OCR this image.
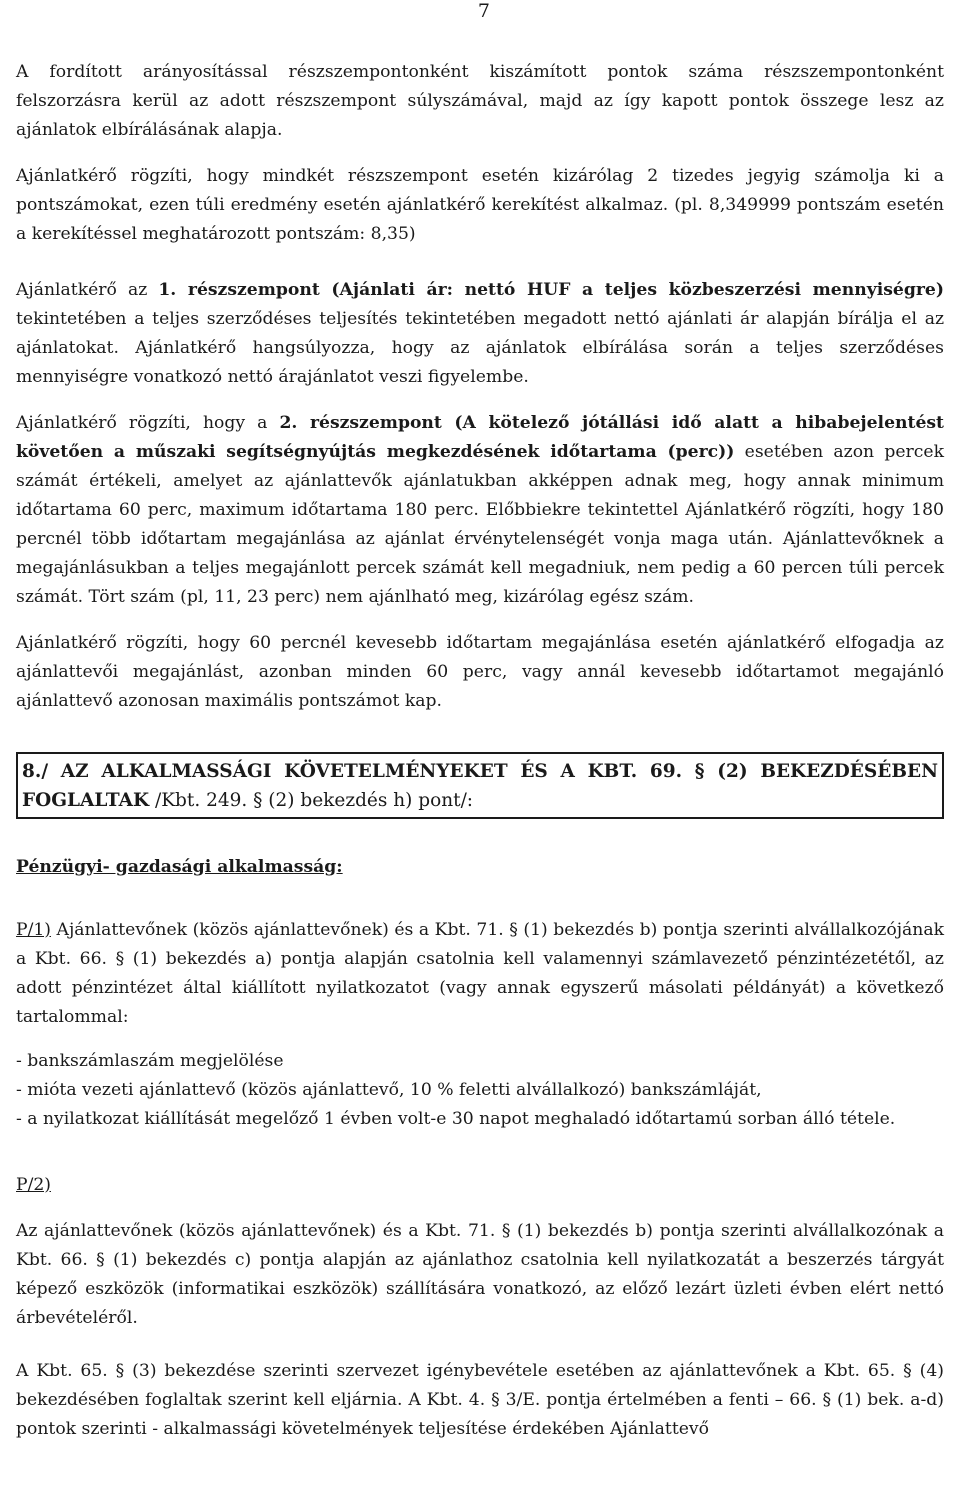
7

A fordított arányosítással részszempontonként kiszámított pontok száma részszempontonként felszorzásra kerül az adott részszempont súlyszámával, majd az így kapott pontok összege lesz az ajánlatok elbírálásának alapja.

Ajánlatkérő rögzíti, hogy mindkét részszempont esetén kizárólag 2 tizedes jegyig számolja ki a pontszámokat, ezen túli eredmény esetén ajánlatkérő kerekítést alkalmaz. (pl. 8,349999 pontszám esetén a kerekítéssel meghatározott pontszám: 8,35)

Ajánlatkérő az 1. részszempont (Ajánlati ár: nettó HUF a teljes közbeszerzési mennyiségre) tekintetében a teljes szerződéses teljesítés tekintetében megadott nettó ajánlati ár alapján bírálja el az ajánlatokat. Ajánlatkérő hangsúlyozza, hogy az ajánlatok elbírálása során a teljes szerződéses mennyiségre vonatkozó nettó árajánlatot veszi figyelembe.

Ajánlatkérő rögzíti, hogy a 2. részszempont (A kötelező jótállási idő alatt a hibabejelentést követően a műszaki segítségnyújtás megkezdésének időtartama (perc)) esetében azon percek számát értékeli, amelyet az ajánlattevők ajánlatukban akképpen adnak meg, hogy annak minimum időtartama 60 perc, maximum időtartama 180 perc. Előbbiekre tekintettel Ajánlatkérő rögzíti, hogy 180 percnél több időtartam megajánlása az ajánlat érvénytelenségét vonja maga után. Ajánlattevőknek a megajánlásukban a teljes megajánlott percek számát kell megadniuk, nem pedig a 60 percen túli percek számát. Tört szám (pl, 11, 23 perc) nem ajánlható meg, kizárólag egész szám.

Ajánlatkérő rögzíti, hogy 60 percnél kevesebb időtartam megajánlása esetén ajánlatkérő elfogadja az ajánlattevői megajánlást, azonban minden 60 perc, vagy annál kevesebb időtartamot megajánló ajánlattevő azonosan maximális pontszámot kap.

8./ AZ ALKALMASSÁGI KÖVETELMÉNYEKET ÉS A KBT. 69. § (2) BEKEZDÉSÉBEN FOGLALTAK /Kbt. 249. § (2) bekezdés h) pont/:

Pénzügyi- gazdasági alkalmasság:

P/1) Ajánlattevőnek (közös ajánlattevőnek) és a Kbt. 71. § (1) bekezdés b) pontja szerinti alvállalkozójának a Kbt. 66. § (1) bekezdés a) pontja alapján csatolnia kell valamennyi számlavezető pénzintézetétől, az adott pénzintézet által kiállított nyilatkozatot (vagy annak egyszerű másolati példányát) a következő tartalommal:

- bankszámlaszám megjelölése
- mióta vezeti ajánlattevő (közös ajánlattevő, 10 % feletti alvállalkozó) bankszámláját,
- a nyilatkozat kiállítását megelőző 1 évben volt-e 30 napot meghaladó időtartamú sorban álló tétele.

P/2)

Az ajánlattevőnek (közös ajánlattevőnek) és a Kbt. 71. § (1) bekezdés b) pontja szerinti alvállalkozónak a Kbt. 66. § (1) bekezdés c) pontja alapján az ajánlathoz csatolnia kell nyilatkozatát a beszerzés tárgyát képező eszközök (informatikai eszközök) szállítására vonatkozó, az előző lezárt üzleti évben elért nettó árbevételéről.

A Kbt. 65. § (3) bekezdése szerinti szervezet igénybevétele esetében az ajánlattevőnek a Kbt. 65. § (4) bekezdésében foglaltak szerint kell eljárnia. A Kbt. 4. § 3/E. pontja értelmében a fenti – 66. § (1) bek. a-d) pontok szerinti - alkalmassági követelmények teljesítése érdekében Ajánlattevő
